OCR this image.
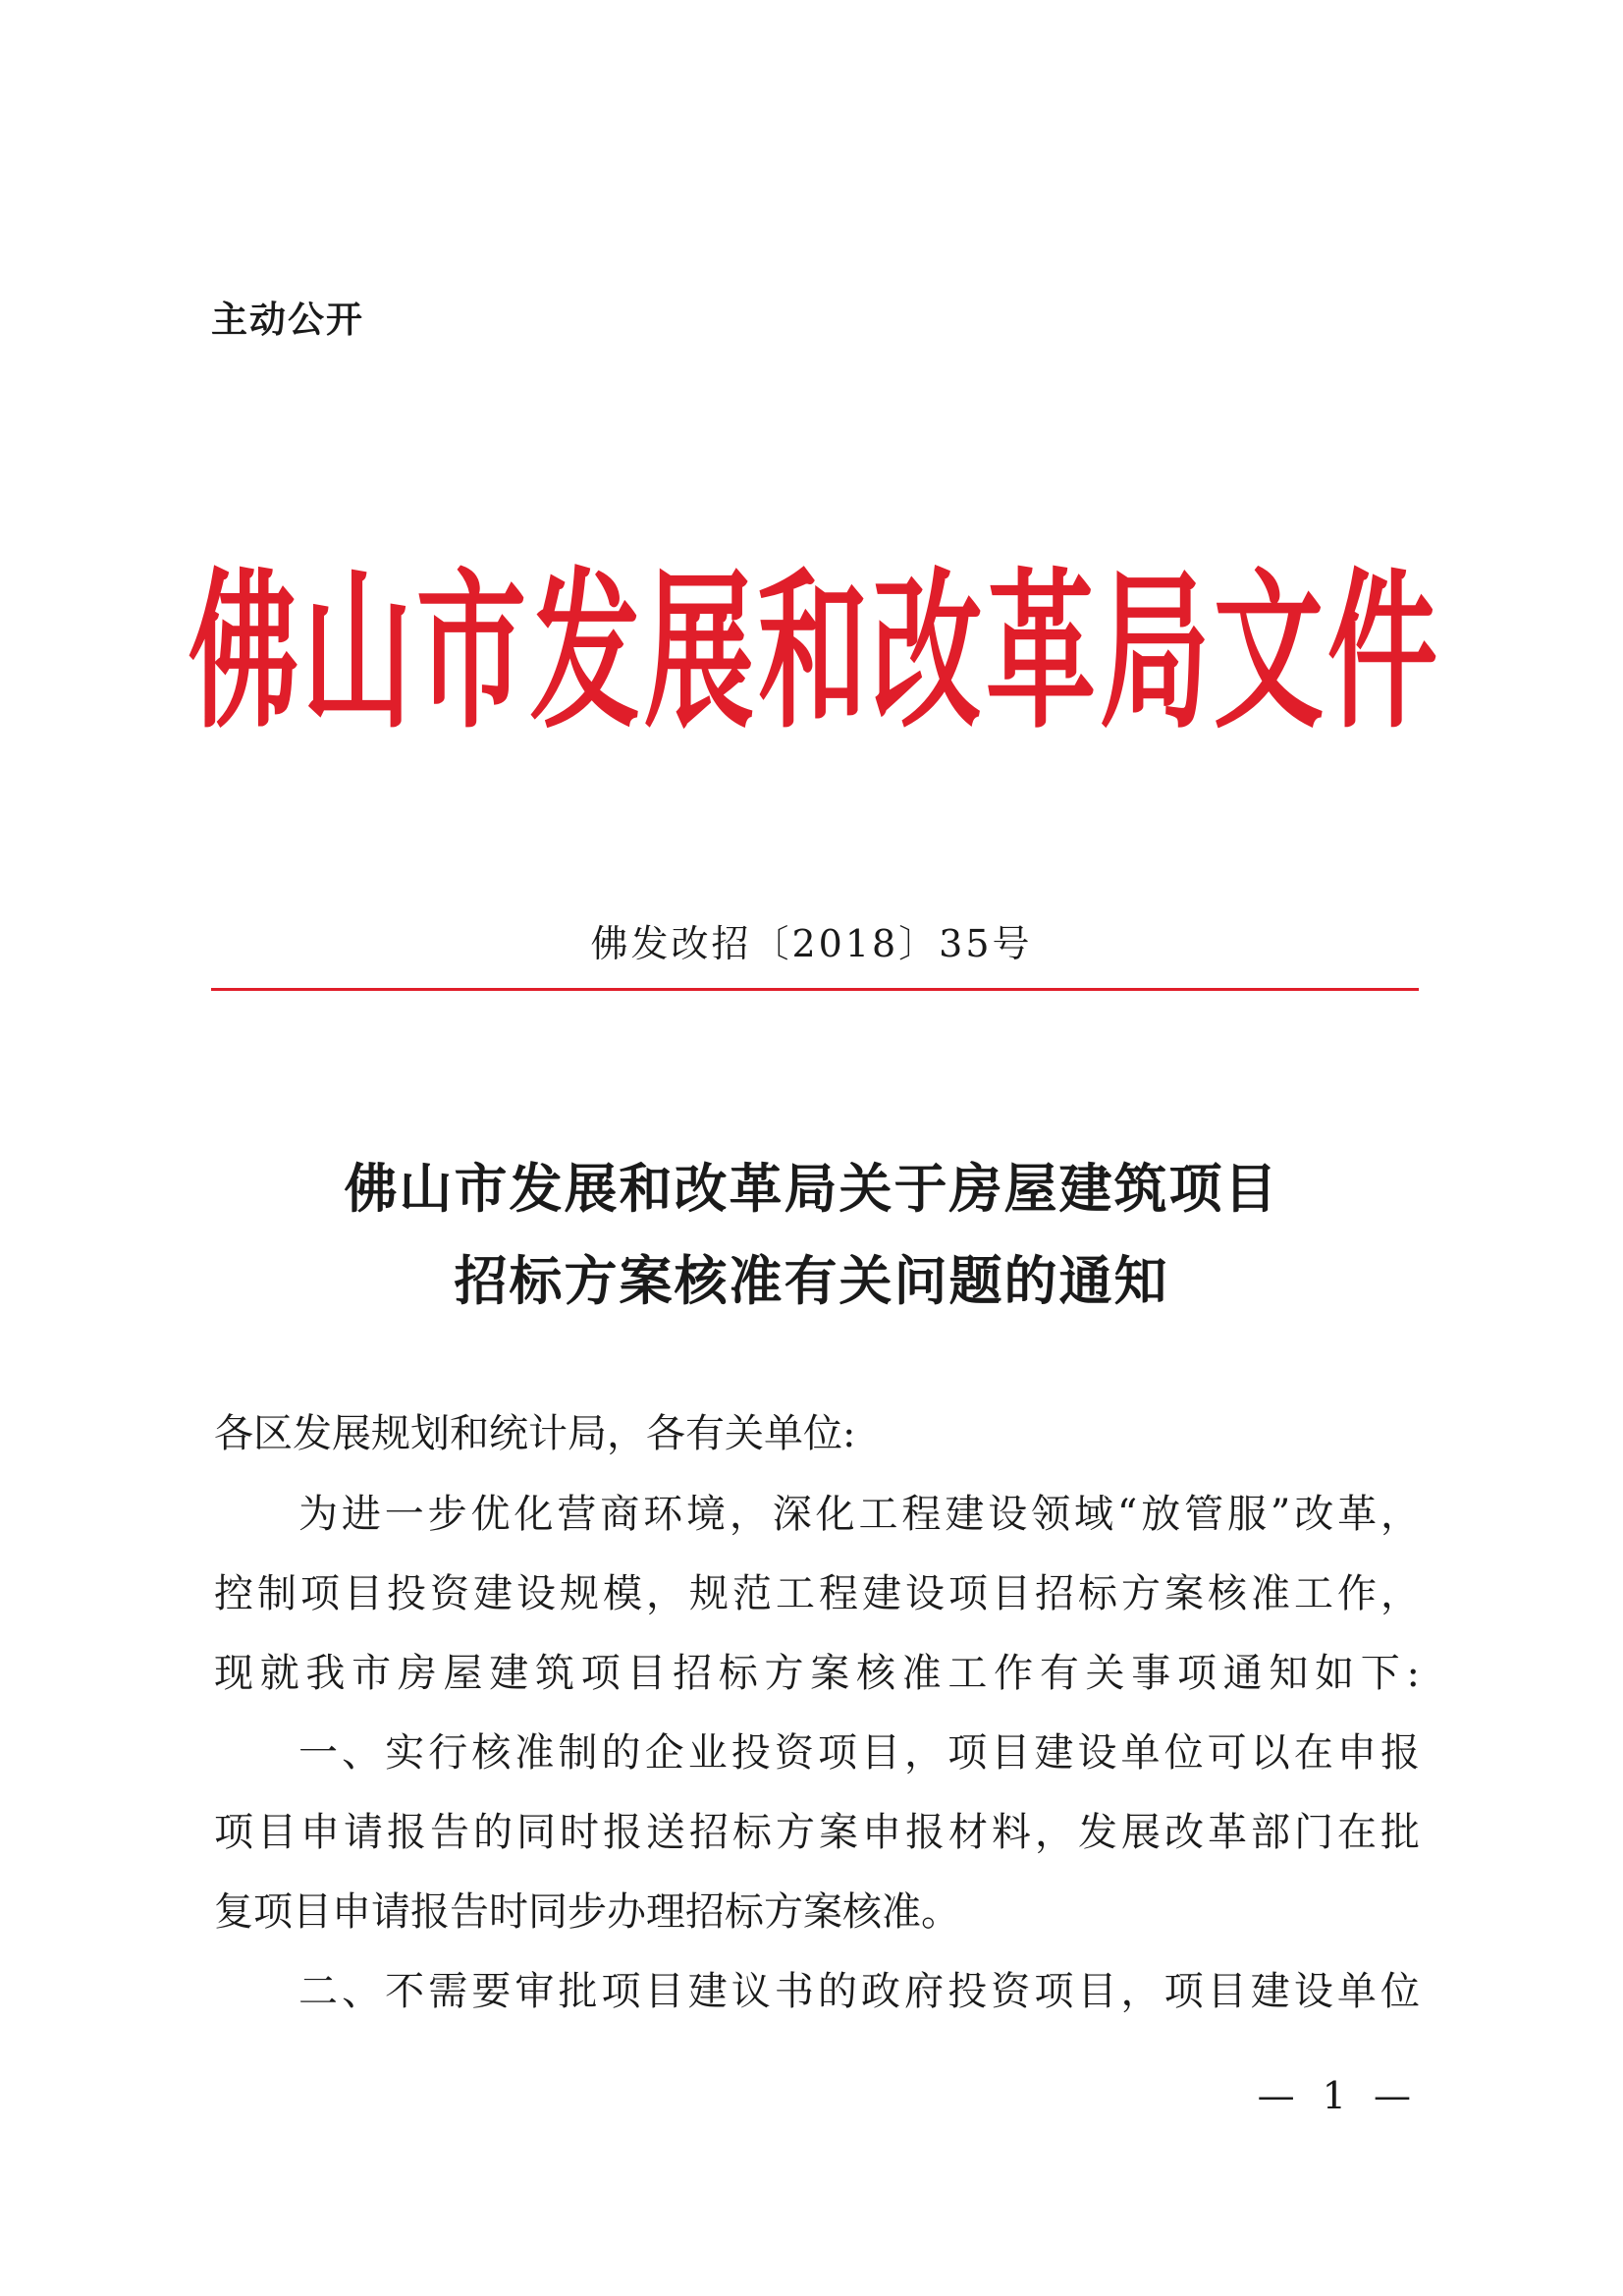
主动公开
佛山市发展和改革局文件
佛发改招〔2018〕35号
佛山市发展和改革局关于房屋建筑项目
招标方案核准有关问题的通知
各区发展规划和统计局，各有关单位:
为进一步优化营商环境，深化工程建设领域“放管服”改革，
控制项目投资建设规模，规范工程建设项目招标方案核准工作，
现就我市房屋建筑项目招标方案核准工作有关事项通知如下:
一、实行核准制的企业投资项目，项目建设单位可以在申报
项目申请报告的同时报送招标方案申报材料，发展改革部门在批
复项目申请报告时同步办理招标方案核准。
二、不需要审批项目建议书的政府投资项目，项目建设单位
— 1 —
